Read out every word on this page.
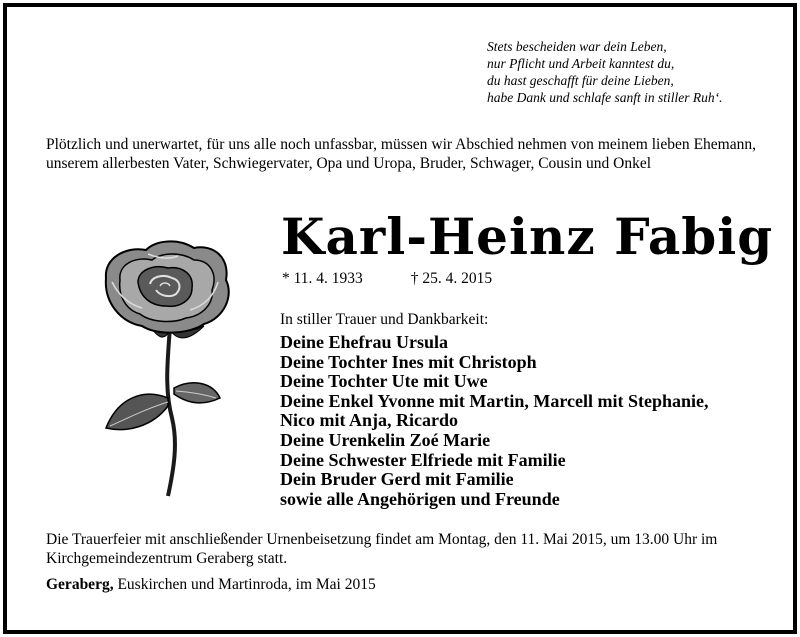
Stets bescheiden war dein Leben,
nur Pflicht und Arbeit kanntest du,
du hast geschafft für deine Lieben,
habe Dank und schlafe sanft in stiller Ruh‘.
Plötzlich und unerwartet, für uns alle noch unfassbar, müssen wir Abschied nehmen von meinem lieben Ehemann, unserem allerbesten Vater, Schwiegervater, Opa und Uropa, Bruder, Schwager, Cousin und Onkel
Karl-Heinz Fabig
* 11. 4. 1933	† 25. 4. 2015
In stiller Trauer und Dankbarkeit:
Deine Ehefrau Ursula
Deine Tochter Ines mit Christoph
Deine Tochter Ute mit Uwe
Deine Enkel Yvonne mit Martin, Marcell mit Stephanie,
Nico mit Anja, Ricardo
Deine Urenkelin Zoé Marie
Deine Schwester Elfriede mit Familie
Dein Bruder Gerd mit Familie
sowie alle Angehörigen und Freunde
Die Trauerfeier mit anschließender Urnenbeisetzung findet am Montag, den 11. Mai 2015, um 13.00 Uhr im Kirchgemeindezentrum Geraberg statt.
Geraberg, Euskirchen und Martinroda, im Mai 2015
